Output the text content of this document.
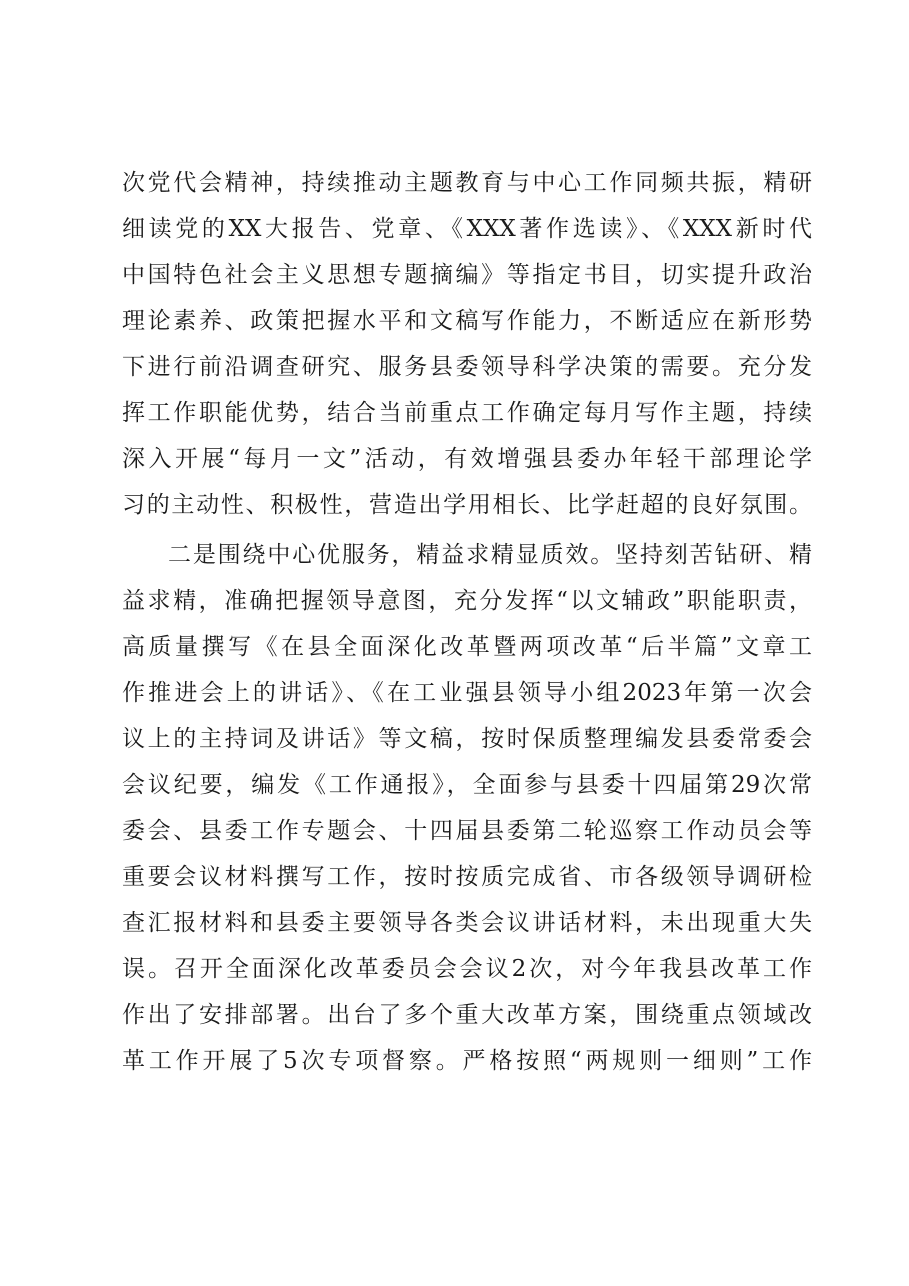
次党代会精神，持续推动主题教育与中心工作同频共振，精研
细读党的XX大报告、党章、《XXX著作选读》、《XXX新时代
中国特色社会主义思想专题摘编》等指定书目，切实提升政治
理论素养、政策把握水平和文稿写作能力，不断适应在新形势
下进行前沿调查研究、服务县委领导科学决策的需要。充分发
挥工作职能优势，结合当前重点工作确定每月写作主题，持续
深入开展“每月一文”活动，有效增强县委办年轻干部理论学
习的主动性、积极性，营造出学用相长、比学赶超的良好氛围。
二是围绕中心优服务，精益求精显质效。坚持刻苦钻研、精
益求精，准确把握领导意图，充分发挥“以文辅政”职能职责，
高质量撰写《在县全面深化改革暨两项改革“后半篇”文章工
作推进会上的讲话》、《在工业强县领导小组2023年第一次会
议上的主持词及讲话》等文稿，按时保质整理编发县委常委会
会议纪要，编发《工作通报》，全面参与县委十四届第29次常
委会、县委工作专题会、十四届县委第二轮巡察工作动员会等
重要会议材料撰写工作，按时按质完成省、市各级领导调研检
查汇报材料和县委主要领导各类会议讲话材料，未出现重大失
误。召开全面深化改革委员会会议2次，对今年我县改革工作
作出了安排部署。出台了多个重大改革方案，围绕重点领域改
革工作开展了5次专项督察。严格按照“两规则一细则”工作
